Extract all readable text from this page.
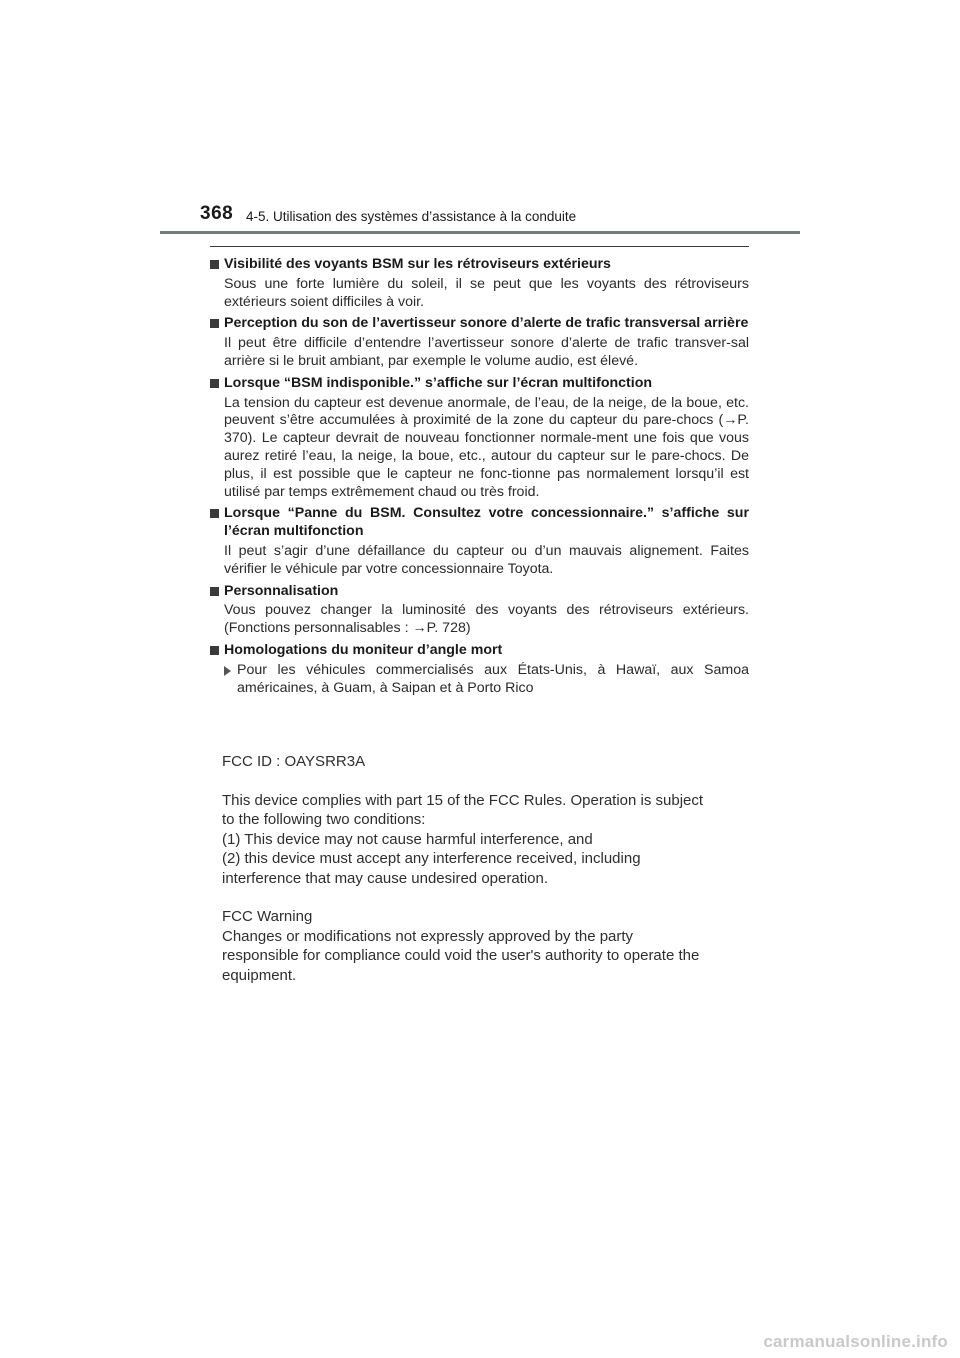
368 4-5. Utilisation des systèmes d’assistance à la conduite
Visibilité des voyants BSM sur les rétroviseurs extérieurs
Sous une forte lumière du soleil, il se peut que les voyants des rétroviseurs extérieurs soient difficiles à voir.
Perception du son de l’avertisseur sonore d’alerte de trafic transversal arrière
Il peut être difficile d’entendre l’avertisseur sonore d’alerte de trafic transver-sal arrière si le bruit ambiant, par exemple le volume audio, est élevé.
Lorsque “BSM indisponible.” s’affiche sur l’écran multifonction
La tension du capteur est devenue anormale, de l’eau, de la neige, de la boue, etc. peuvent s’être accumulées à proximité de la zone du capteur du pare-chocs (→P. 370). Le capteur devrait de nouveau fonctionner normale-ment une fois que vous aurez retiré l’eau, la neige, la boue, etc., autour du capteur sur le pare-chocs. De plus, il est possible que le capteur ne fonc-tionne pas normalement lorsqu’il est utilisé par temps extrêmement chaud ou très froid.
Lorsque “Panne du BSM. Consultez votre concessionnaire.” s’affiche sur l’écran multifonction
Il peut s’agir d’une défaillance du capteur ou d’un mauvais alignement. Faites vérifier le véhicule par votre concessionnaire Toyota.
Personnalisation
Vous pouvez changer la luminosité des voyants des rétroviseurs extérieurs. (Fonctions personnalisables : →P. 728)
Homologations du moniteur d’angle mort
Pour les véhicules commercialisés aux États-Unis, à Hawaï, aux Samoa américaines, à Guam, à Saipan et à Porto Rico
FCC ID : OAYSRR3A
This device complies with part 15 of the FCC Rules. Operation is subject
to the following two conditions:
(1) This device may not cause harmful interference, and
(2) this device must accept any interference received, including
interference that may cause undesired operation.
FCC Warning
Changes or modifications not expressly approved by the party
responsible for compliance could void the user's authority to operate the
equipment.
carmanualsonline.info
